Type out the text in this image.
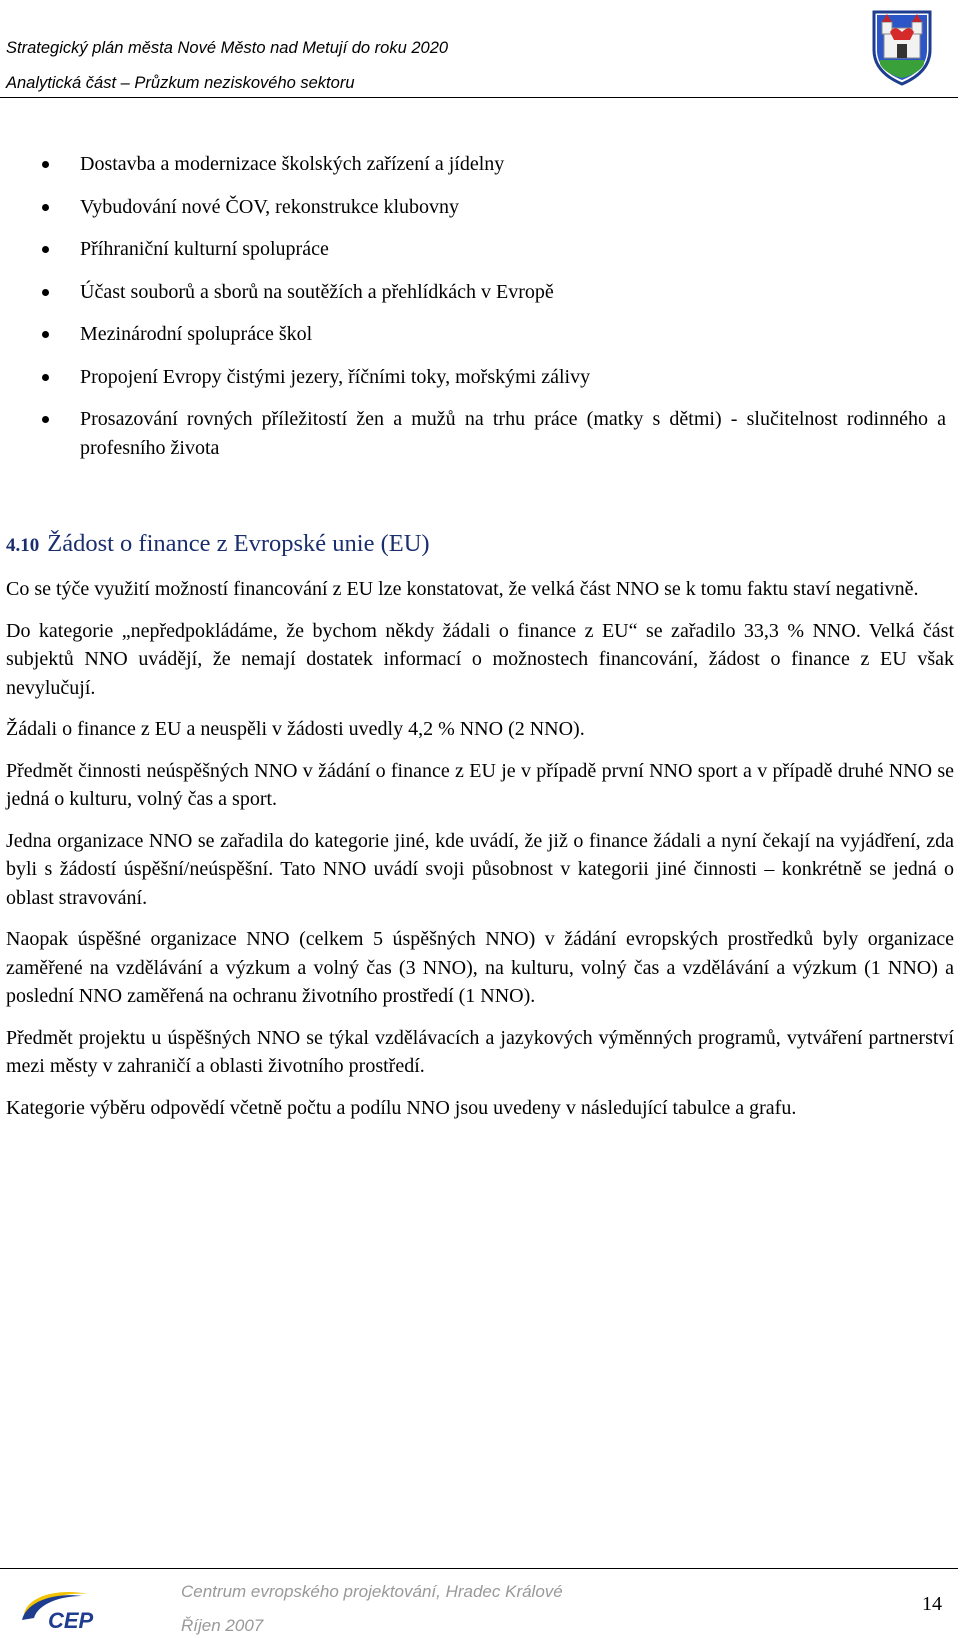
Strategický plán města Nové Město nad Metují do roku 2020
Analytická část – Průzkum neziskového sektoru
Dostavba a modernizace školských zařízení a jídelny
Vybudování nové ČOV, rekonstrukce klubovny
Příhraniční kulturní spolupráce
Účast souborů a sborů na soutěžích a přehlídkách v Evropě
Mezinárodní spolupráce škol
Propojení Evropy čistými jezery, říčními toky, mořskými zálivy
Prosazování rovných příležitostí žen a mužů na trhu práce (matky s dětmi) - slučitelnost rodinného a profesního života
4.10 Žádost o finance z Evropské unie (EU)

Co se týče využití možností financování z EU lze konstatovat, že velká část NNO se k tomu faktu staví negativně.

Do kategorie „nepředpokládáme, že bychom někdy žádali o finance z EU“ se zařadilo 33,3 % NNO. Velká část subjektů NNO uvádějí, že nemají dostatek informací o možnostech financování, žádost o finance z EU však nevylučují.

Žádali o finance z EU a neuspěli v žádosti uvedly 4,2 % NNO (2 NNO).

Předmět činnosti neúspěšných NNO v žádání o finance z EU je v případě první NNO sport a v případě druhé NNO se jedná o kulturu, volný čas a sport.

Jedna organizace NNO se zařadila do kategorie jiné, kde uvádí, že již o finance žádali a nyní čekají na vyjádření, zda byli s žádostí úspěšní/neúspěšní. Tato NNO uvádí svoji působnost v kategorii jiné činnosti – konkrétně se jedná o oblast stravování.

Naopak úspěšné organizace NNO (celkem 5 úspěšných NNO) v žádání evropských prostředků byly organizace zaměřené na vzdělávání a výzkum a volný čas (3 NNO), na kulturu, volný čas a vzdělávání a výzkum (1 NNO) a poslední NNO zaměřená na ochranu životního prostředí (1 NNO).

Předmět projektu u úspěšných NNO se týkal vzdělávacích a jazykových výměnných programů, vytváření partnerství mezi městy v zahraničí a oblasti životního prostředí.

Kategorie výběru odpovědí včetně počtu a podílu NNO jsou uvedeny v následující tabulce a grafu.

CEP
Centrum evropského projektování, Hradec Králové
Říjen 2007
14
